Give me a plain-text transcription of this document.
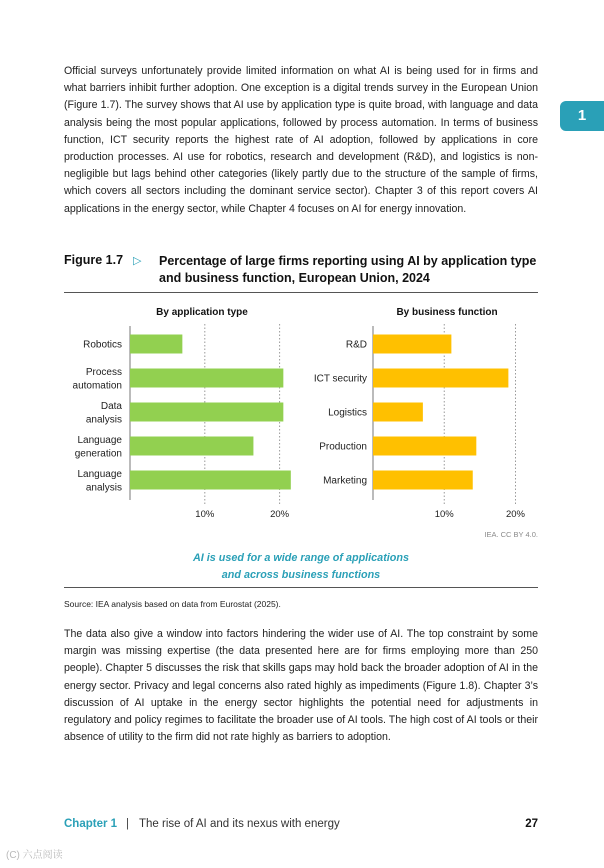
Official surveys unfortunately provide limited information on what AI is being used for in firms and what barriers inhibit further adoption. One exception is a digital trends survey in the European Union (Figure 1.7). The survey shows that AI use by application type is quite broad, with language and data analysis being the most popular applications, followed by process automation. In terms of business function, ICT security reports the highest rate of AI adoption, followed by applications in core production processes. AI use for robotics, research and development (R&D), and logistics is non-negligible but lags behind other categories (likely partly due to the structure of the sample of firms, which covers all sectors including the dominant service sector). Chapter 3 of this report covers AI applications in the energy sector, while Chapter 4 focuses on AI for energy innovation.

1
Figure 1.7 ▷ Percentage of large firms reporting using AI by application type and business function, European Union, 2024
By application type
10%	20%
Robotics
Process
automation
Data
analysis
Language
generation
Language
analysis
By business function
10%	20%
R&D
ICT security
Logistics
Production
Marketing
IEA. CC BY 4.0.
AI is used for a wide range of applications
and across business functions
Source: IEA analysis based on data from Eurostat (2025).

The data also give a window into factors hindering the wider use of AI. The top constraint by some margin was missing expertise (the data presented here are for firms employing more than 250 people). Chapter 5 discusses the risk that skills gaps may hold back the broader adoption of AI in the energy sector. Privacy and legal concerns also rated highly as impediments (Figure 1.8). Chapter 3’s discussion of AI uptake in the energy sector highlights the potential need for adjustments in regulatory and policy regimes to facilitate the broader use of AI tools. The high cost of AI tools or their absence of utility to the firm did not rate highly as barriers to adoption.

Chapter 1 | The rise of AI and its nexus with energy	27
(C) 六点阅读
